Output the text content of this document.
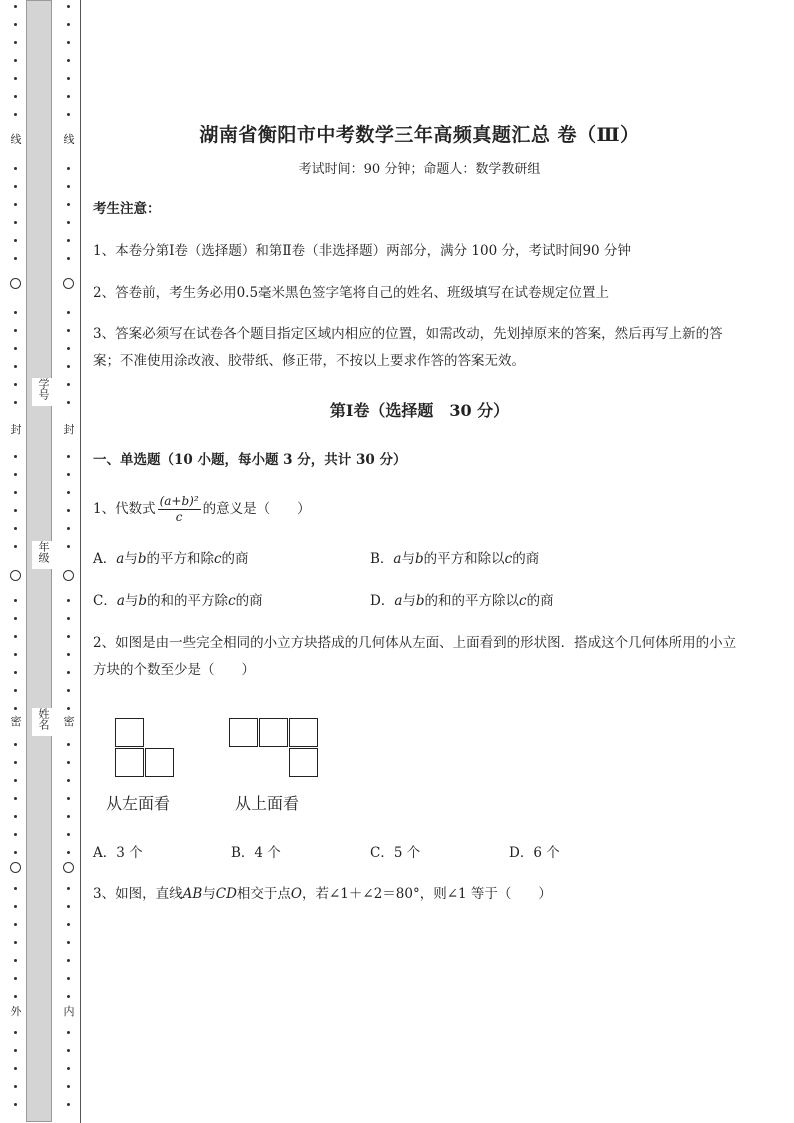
线
封
密
外
线
封
密
内
学号
年级
姓名
湖南省衡阳市中考数学三年高频真题汇总 卷（Ⅲ）
考试时间：90 分钟；命题人：数学教研组
考生注意：
1、本卷分第Ⅰ卷（选择题）和第Ⅱ卷（非选择题）两部分，满分 100 分，考试时间90 分钟
2、答卷前，考生务必用0.5毫米黑色签字笔将自己的姓名、班级填写在试卷规定位置上
3、答案必须写在试卷各个题目指定区域内相应的位置，如需改动，先划掉原来的答案，然后再写上新的答案；不准使用涂改液、胶带纸、修正带，不按以上要求作答的答案无效。
第Ⅰ卷（选择题　30 分）
一、单选题（10 小题，每小题 3 分，共计 30 分）
1、代数式 $\frac{\text{(a+b)²}}{c}$ 的意义是（　　）
A．a与b的平方和除c的商	B．a与b的平方和除以c的商
C．a与b的和的平方除c的商	D．a与b的和的平方除以c的商
2、如图是由一些完全相同的小立方块搭成的几何体从左面、上面看到的形状图．搭成这个几何体所用的小立方块的个数至少是（　　）
从左面看	从上面看
A．3 个	B．4 个	C．5 个	D．6 个
3、如图，直线AB与CD相交于点O，若∠1＋∠2＝80°，则∠1 等于（　　）
